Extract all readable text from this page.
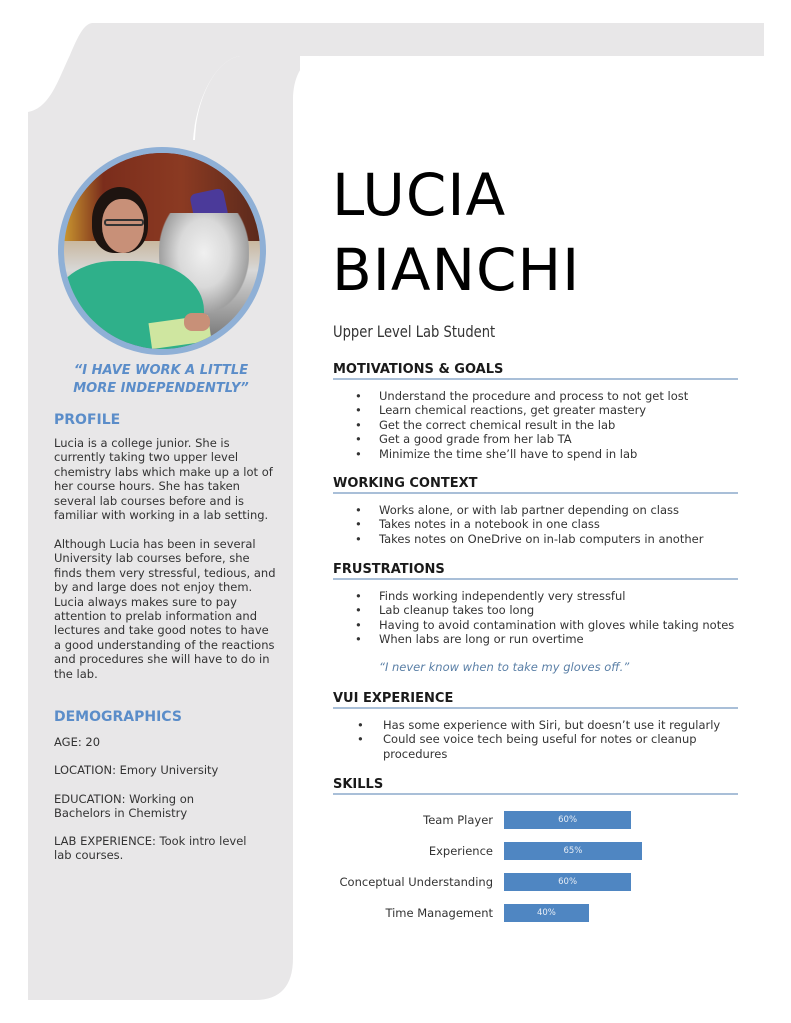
“I HAVE WORK A LITTLE MORE INDEPENDENTLY”
PROFILE

Lucia is a college junior. She is currently taking two upper level chemistry labs which make up a lot of her course hours. She has taken several lab courses before and is familiar with working in a lab setting.

Although Lucia has been in several University lab courses before, she finds them very stressful, tedious, and by and large does not enjoy them. Lucia always makes sure to pay attention to prelab information and lectures and take good notes to have a good understanding of the reactions and procedures she will have to do in the lab.

DEMOGRAPHICS

AGE: 20

LOCATION: Emory University

EDUCATION: Working on Bachelors in Chemistry

LAB EXPERIENCE: Took intro level lab courses.

LUCIA
BIANCHI
Upper Level Lab Student
MOTIVATIONS & GOALS
• Understand the procedure and process to not get lost
• Learn chemical reactions, get greater mastery
• Get the correct chemical result in the lab
• Get a good grade from her lab TA
• Minimize the time she’ll have to spend in lab
WORKING CONTEXT
• Works alone, or with lab partner depending on class
• Takes notes in a notebook in one class
• Takes notes on OneDrive on in-lab computers in another
FRUSTRATIONS
• Finds working independently very stressful
• Lab cleanup takes too long
• Having to avoid contamination with gloves while taking notes
• When labs are long or run overtime
“I never know when to take my gloves off.”
VUI EXPERIENCE
• Has some experience with Siri, but doesn’t use it regularly
• Could see voice tech being useful for notes or cleanup procedures
SKILLS
Team Player	60%
Experience	65%
Conceptual Understanding	60%
Time Management	40%
